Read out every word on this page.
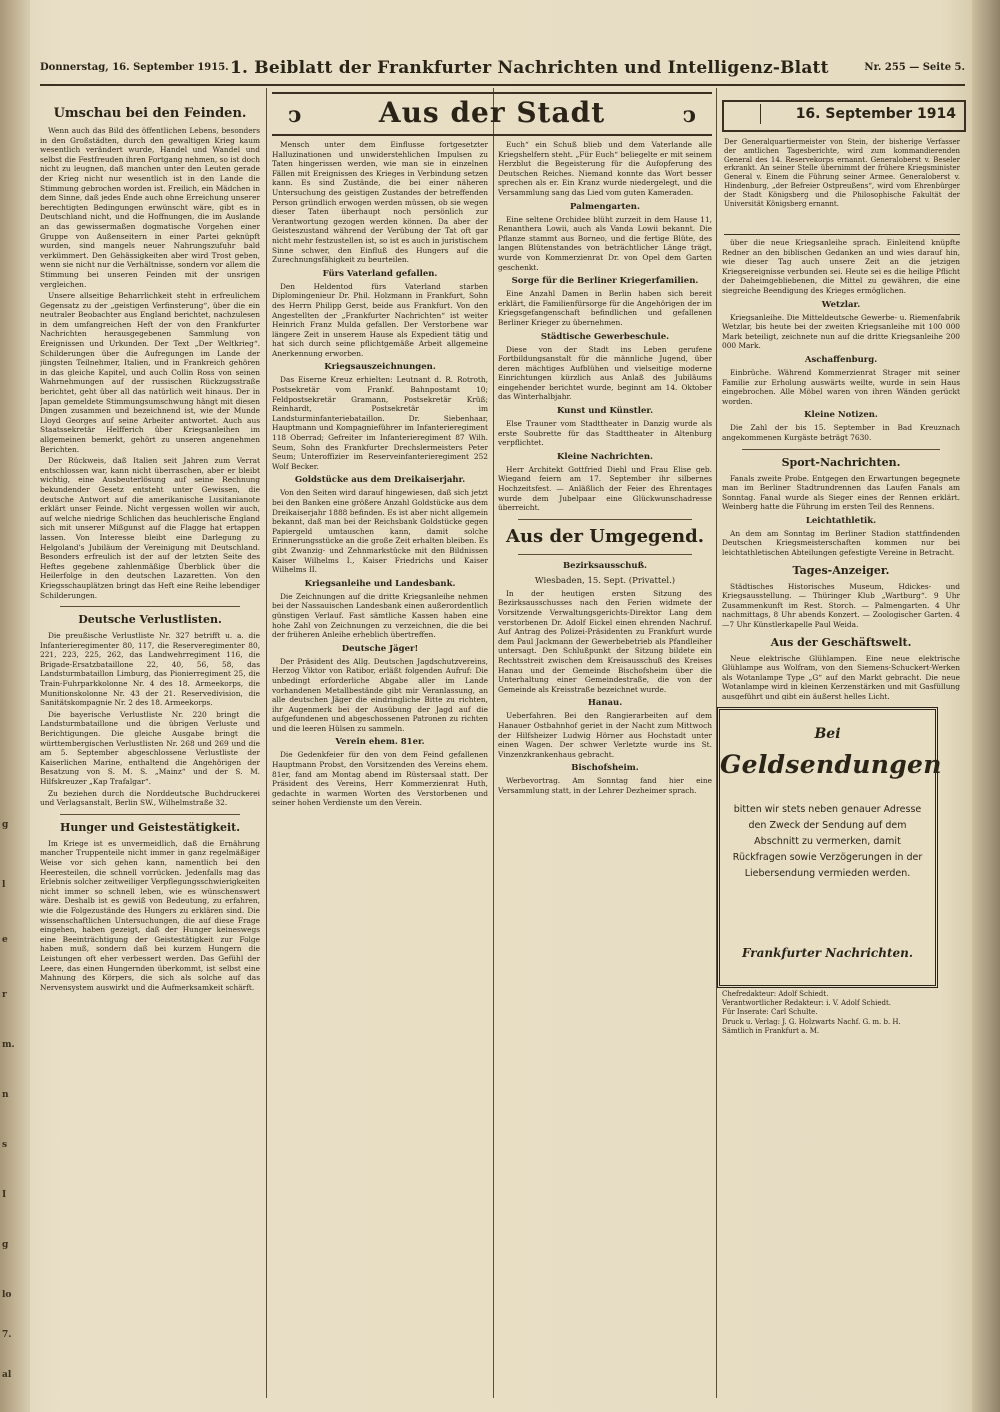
g
l
e
r
m.
n
s
I
g
lo
7.
al
Donnerstag, 16. September 1915. 1. Beiblatt der Frankfurter Nachrichten und Intelligenz-Blatt	Nr. 255 — Seite 5.
Umschau bei den Feinden.

Wenn auch das Bild des öffentlichen Lebens, besonders in den Großstädten, durch den gewaltigen Krieg kaum wesentlich verändert wurde, Handel und Wandel und selbst die Festfreuden ihren Fortgang nehmen, so ist doch nicht zu leugnen, daß manchen unter den Leuten gerade der Krieg nicht nur wesentlich ist in den Lande die Stimmung gebrochen worden ist. Freilich, ein Mädchen in dem Sinne, daß jedes Ende auch ohne Erreichung unserer berechtigten Bedingungen erwünscht wäre, gibt es in Deutschland nicht, und die Hoffnungen, die im Auslande an das gewissermaßen dogmatische Vorgehen einer Gruppe von Außenseitern in einer Partei geknüpft wurden, sind mangels neuer Nahrungszufuhr bald verkümmert. Den Gehässigkeiten aber wird Trost geben, wenn sie nicht nur die Verhältnisse, sondern vor allem die Stimmung bei unseren Feinden mit der unsrigen vergleichen.

Unsere allseitige Beharrlichkeit steht in erfreulichem Gegensatz zu der „geistigen Verfinsterung“, über die ein neutraler Beobachter aus England berichtet, nachzulesen in dem umfangreichen Heft der von den Frankfurter Nachrichten herausgegebenen Sammlung von Ereignissen und Urkunden. Der Text „Der Weltkrieg“. Schilderungen über die Aufregungen im Lande der jüngsten Teilnehmer, Italien, und in Frankreich gehören in das gleiche Kapitel, und auch Collin Ross von seinen Wahrnehmungen auf der russischen Rückzugsstraße berichtet, geht über all das natürlich weit hinaus. Der in Japan gemeldete Stimmungsumschwung hängt mit diesen Dingen zusammen und bezeichnend ist, wie der Munde Lloyd Georges auf seine Arbeiter antwortet. Auch aus Staatssekretär Helfferich über Kriegsanleihen im allgemeinen bemerkt, gehört zu unseren angenehmen Berichten.

Der Rückweis, daß Italien seit Jahren zum Verrat entschlossen war, kann nicht überraschen, aber er bleibt wichtig, eine Ausbeuterlösung auf seine Rechnung bekundender Gesetz entsteht unter Gewissen, die deutsche Antwort auf die amerikanische Lusitanianote erklärt unser Feinde. Nicht vergessen wollen wir auch, auf welche niedrige Schlichen das heuchlerische England sich mit unserer Mißgunst auf die Flagge hat ertappen lassen. Von Interesse bleibt eine Darlegung zu Helgoland's Jubiläum der Vereinigung mit Deutschland. Besonders erfreulich ist der auf der letzten Seite des Heftes gegebene zahlenmäßige Überblick über die Heilerfolge in den deutschen Lazaretten. Von den Kriegsschauplätzen bringt das Heft eine Reihe lebendiger Schilderungen.

Deutsche Verlustlisten.

Die preußische Verlustliste Nr. 327 betrifft u. a. die Infanterieregimenter 80, 117, die Reserveregimenter 80, 221, 223, 225, 262, das Landwehrregiment 116, die Brigade-Ersatzbataillone 22, 40, 56, 58, das Landsturmbataillon Limburg, das Pionierregiment 25, die Train-Fuhrparkkolonne Nr. 4 des 18. Armeekorps, die Munitionskolonne Nr. 43 der 21. Reservedivision, die Sanitätskompagnie Nr. 2 des 18. Armeekorps.

Die bayerische Verlustliste Nr. 220 bringt die Landsturmbataillone und die übrigen Verluste und Berichtigungen. Die gleiche Ausgabe bringt die württembergischen Verlustlisten Nr. 268 und 269 und die am 5. September abgeschlossene Verlustliste der Kaiserlichen Marine, enthaltend die Angehörigen der Besatzung von S. M. S. „Mainz“ und der S. M. Hilfskreuzer „Kap Trafalgar“.

Zu beziehen durch die Norddeutsche Buchdruckerei und Verlagsanstalt, Berlin SW., Wilhelmstraße 32.

Hunger und Geistestätigkeit.

Im Kriege ist es unvermeidlich, daß die Ernährung mancher Truppenteile nicht immer in ganz regelmäßiger Weise vor sich gehen kann, namentlich bei den Heeresteilen, die schnell vorrücken. Jedenfalls mag das Erlebnis solcher zeitweiliger Verpflegungsschwierigkeiten nicht immer so schnell leben, wie es wünschenswert wäre. Deshalb ist es gewiß von Bedeutung, zu erfahren, wie die Folgezustände des Hungers zu erklären sind. Die wissenschaftlichen Untersuchungen, die auf diese Frage eingehen, haben gezeigt, daß der Hunger keineswegs eine Beeinträchtigung der Geistestätigkeit zur Folge haben muß, sondern daß bei kurzem Hungern die Leistungen oft eher verbessert werden. Das Gefühl der Leere, das einen Hungernden überkommt, ist selbst eine Mahnung des Körpers, die sich als solche auf das Nervensystem auswirkt und die Aufmerksamkeit schärft.

ↄ	Aus der Stadt	ↄ

Mensch unter dem Einflusse fortgesetzter Halluzinationen und unwiderstehlichen Impulsen zu Taten hingerissen werden, wie man sie in einzelnen Fällen mit Ereignissen des Krieges in Verbindung setzen kann. Es sind Zustände, die bei einer näheren Untersuchung des geistigen Zustandes der betreffenden Person gründlich erwogen werden müssen, ob sie wegen dieser Taten überhaupt noch persönlich zur Verantwortung gezogen werden können. Da aber der Geisteszustand während der Verübung der Tat oft gar nicht mehr festzustellen ist, so ist es auch in juristischem Sinne schwer, den Einfluß des Hungers auf die Zurechnungsfähigkeit zu beurteilen.

Fürs Vaterland gefallen.

Den Heldentod fürs Vaterland starben Diplomingenieur Dr. Phil. Holzmann in Frankfurt, Sohn des Herrn Philipp Gerst, beide aus Frankfurt. Von den Angestellten der „Frankfurter Nachrichten“ ist weiter Heinrich Franz Mulda gefallen. Der Verstorbene war längere Zeit in unserem Hause als Expedient tätig und hat sich durch seine pflichtgemäße Arbeit allgemeine Anerkennung erworben.

Kriegsauszeichnungen.

Das Eiserne Kreuz erhielten: Leutnant d. R. Rotroth, Postsekretär vom Frankf. Bahnpostamt 10; Feldpostsekretär Gramann, Postsekretär Krüß; Reinhardt, Postsekretär im Landsturminfanteriebataillon. Dr. Siebenhaar, Hauptmann und Kompagnieführer im Infanterieregiment 118 Oberrad; Gefreiter im Infanterieregiment 87 Wilh. Seum, Sohn des Frankfurter Drechslermeisters Peter Seum; Unteroffizier im Reserveinfanterieregiment 252 Wolf Becker.

Goldstücke aus dem Dreikaiserjahr.

Von den Seiten wird darauf hingewiesen, daß sich jetzt bei den Banken eine größere Anzahl Goldstücke aus dem Dreikaiserjahr 1888 befinden. Es ist aber nicht allgemein bekannt, daß man bei der Reichsbank Goldstücke gegen Papiergeld umtauschen kann, damit solche Erinnerungsstücke an die große Zeit erhalten bleiben. Es gibt Zwanzig- und Zehnmarkstücke mit den Bildnissen Kaiser Wilhelms I., Kaiser Friedrichs und Kaiser Wilhelms II.

Kriegsanleihe und Landesbank.

Die Zeichnungen auf die dritte Kriegsanleihe nehmen bei der Nassauischen Landesbank einen außerordentlich günstigen Verlauf. Fast sämtliche Kassen haben eine hohe Zahl von Zeichnungen zu verzeichnen, die die bei der früheren Anleihe erheblich übertreffen.

Deutsche Jäger!

Der Präsident des Allg. Deutschen Jagdschutzvereins, Herzog Viktor von Ratibor, erläßt folgenden Aufruf: Die unbedingt erforderliche Abgabe aller im Lande vorhandenen Metallbestände gibt mir Veranlassung, an alle deutschen Jäger die eindringliche Bitte zu richten, ihr Augenmerk bei der Ausübung der Jagd auf die aufgefundenen und abgeschossenen Patronen zu richten und die leeren Hülsen zu sammeln.

Verein ehem. 81er.

Die Gedenkfeier für den von dem Feind gefallenen Hauptmann Probst, den Vorsitzenden des Vereins ehem. 81er, fand am Montag abend im Rüstersaal statt. Der Präsident des Vereins, Herr Kommerzienrat Huth, gedachte in warmen Worten des Verstorbenen und seiner hohen Verdienste um den Verein.

Euch“ ein Schuß blieb und dem Vaterlande alle Kriegshelfern steht. „Für Euch“ beliegelte er mit seinem Herzblut die Begeisterung für die Aufopferung des Deutschen Reiches. Niemand konnte das Wort besser sprechen als er. Ein Kranz wurde niedergelegt, und die Versammlung sang das Lied vom guten Kameraden.

Palmengarten.

Eine seltene Orchidee blüht zurzeit in dem Hause 11, Renanthera Lowii, auch als Vanda Lowii bekannt. Die Pflanze stammt aus Borneo, und die fertige Blüte, des langen Blütenstandes von beträchtlicher Länge trägt, wurde von Kommerzienrat Dr. von Opel dem Garten geschenkt.

Sorge für die Berliner Kriegerfamilien.

Eine Anzahl Damen in Berlin haben sich bereit erklärt, die Familienfürsorge für die Angehörigen der im Kriegsgefangenschaft befindlichen und gefallenen Berliner Krieger zu übernehmen.

Städtische Gewerbeschule.

Diese von der Stadt ins Leben gerufene Fortbildungsanstalt für die männliche Jugend, über deren mächtiges Aufblühen und vielseitige moderne Einrichtungen kürzlich aus Anlaß des Jubiläums eingehender berichtet wurde, beginnt am 14. Oktober das Winterhalbjahr.

Kunst und Künstler.

Else Trauner vom Stadttheater in Danzig wurde als erste Soubrette für das Stadttheater in Altenburg verpflichtet.

Kleine Nachrichten.

Herr Architekt Gottfried Diehl und Frau Elise geb. Wiegand feiern am 17. September ihr silbernes Hochzeitsfest. — Anläßlich der Feier des Ehrentages wurde dem Jubelpaar eine Glückwunschadresse überreicht.

Aus der Umgegend.
Bezirksausschuß.
Wiesbaden, 15. Sept. (Privattel.)

In der heutigen ersten Sitzung des Bezirksausschusses nach den Ferien widmete der Vorsitzende Verwaltungsgerichts-Direktor Lang dem verstorbenen Dr. Adolf Eickel einen ehrenden Nachruf. Auf Antrag des Polizei-Präsidenten zu Frankfurt wurde dem Paul Jackmann der Gewerbebetrieb als Pfandleiher untersagt. Den Schlußpunkt der Sitzung bildete ein Rechtsstreit zwischen dem Kreisausschuß des Kreises Hanau und der Gemeinde Bischofsheim über die Unterhaltung einer Gemeindestraße, die von der Gemeinde als Kreisstraße bezeichnet wurde.

Hanau.

Ueberfahren. Bei den Rangierarbeiten auf dem Hanauer Ostbahnhof geriet in der Nacht zum Mittwoch der Hilfsheizer Ludwig Hörner aus Hochstadt unter einen Wagen. Der schwer Verletzte wurde ins St. Vinzenzkrankenhaus gebracht.

Bischofsheim.

Werbevortrag. Am Sonntag fand hier eine Versammlung statt, in der Lehrer Dezheimer sprach.

16. September 1914
Der Generalquartiermeister von Stein, der bisherige Verfasser der amtlichen Tagesberichte, wird zum kommandierenden General des 14. Reservekorps ernannt. Generaloberst v. Beseler erkrankt. An seiner Stelle übernimmt der frühere Kriegsminister General v. Einem die Führung seiner Armee. Generaloberst v. Hindenburg, „der Befreier Ostpreußens“, wird vom Ehrenbürger der Stadt Königsberg und die Philosophische Fakultät der Universität Königsberg ernannt.

über die neue Kriegsanleihe sprach. Einleitend knüpfte Redner an den biblischen Gedanken an und wies darauf hin, wie dieser Tag auch unsere Zeit an die jetzigen Kriegsereignisse verbunden sei. Heute sei es die heilige Pflicht der Daheimgebliebenen, die Mittel zu gewähren, die eine siegreiche Beendigung des Krieges ermöglichen.

Wetzlar.

Kriegsanleihe. Die Mitteldeutsche Gewerbe- u. Riemenfabrik Wetzlar, bis heute bei der zweiten Kriegsanleihe mit 100 000 Mark beteiligt, zeichnete nun auf die dritte Kriegsanleihe 200 000 Mark.

Aschaffenburg.

Einbrüche. Während Kommerzienrat Strager mit seiner Familie zur Erholung auswärts weilte, wurde in sein Haus eingebrochen. Alle Möbel waren von ihren Wänden gerückt worden.

Kleine Notizen.

Die Zahl der bis 15. September in Bad Kreuznach angekommenen Kurgäste beträgt 7630.

Sport-Nachrichten.

Fanals zweite Probe. Entgegen den Erwartungen begegnete man im Berliner Stadtrundrennen das Laufen Fanals am Sonntag. Fanal wurde als Sieger eines der Rennen erklärt. Weinberg hatte die Führung im ersten Teil des Rennens.

Leichtathletik.

An dem am Sonntag im Berliner Stadion stattfindenden Deutschen Kriegsmeisterschaften kommen nur bei leichtathletischen Abteilungen gefestigte Vereine in Betracht.

Tages-Anzeiger.

Städtisches Historisches Museum, Hdickes- und Kriegsausstellung. — Thüringer Klub „Wartburg“. 9 Uhr Zusammenkunft im Rest. Storch. — Palmengarten. 4 Uhr nachmittags, 8 Uhr abends Konzert. — Zoologischer Garten. 4—7 Uhr Künstlerkapelle Paul Weida.

Aus der Geschäftswelt.

Neue elektrische Glühlampen. Eine neue elektrische Glühlampe aus Wolfram, von den Siemens-Schuckert-Werken als Wotanlampe Type „G“ auf den Markt gebracht. Die neue Wotanlampe wird in kleinen Kerzenstärken und mit Gasfüllung ausgeführt und gibt ein äußerst helles Licht.

Bei
Geldsendungen
bitten wir stets neben genauer Adresse den Zweck der Sendung auf dem Abschnitt zu vermerken, damit Rückfragen sowie Verzögerungen in der Liebersendung vermieden werden.
Frankfurter Nachrichten.
Chefredakteur: Adolf Schiedt.
Verantwortlicher Redakteur: i. V. Adolf Schiedt.
Für Inserate: Carl Schulte.
Druck u. Verlag: J. G. Holzwarts Nachf. G. m. b. H.
Sämtlich in Frankfurt a. M.
